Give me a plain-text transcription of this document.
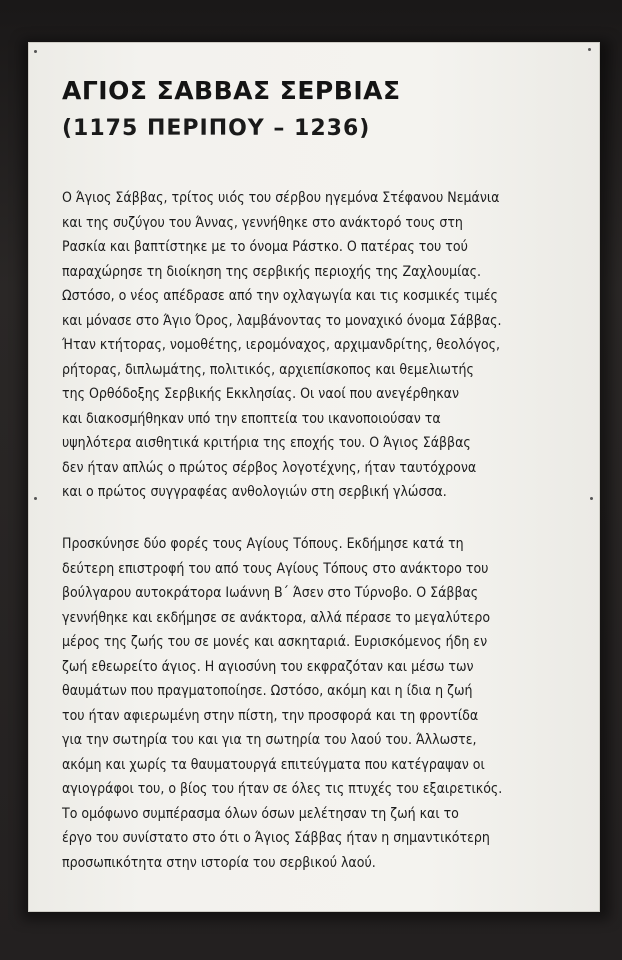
ΑΓΙΟΣ ΣΑΒΒΑΣ ΣΕΡΒΙΑΣ
(1175 ΠΕΡΙΠΟΥ – 1236)

Ο Άγιος Σάββας, τρίτος υιός του σέρβου ηγεμόνα Στέφανου Νεμάνια
και της συζύγου του Άννας, γεννήθηκε στο ανάκτορό τους στη
Ρασκία και βαπτίστηκε με το όνομα Ράστκο. Ο πατέρας του τού
παραχώρησε τη διοίκηση της σερβικής περιοχής της Ζαχλουμίας.
Ωστόσο, ο νέος απέδρασε από την οχλαγωγία και τις κοσμικές τιμές
και μόνασε στο Άγιο Όρος, λαμβάνοντας το μοναχικό όνομα Σάββας.
Ήταν κτήτορας, νομοθέτης, ιερομόναχος, αρχιμανδρίτης, θεολόγος,
ρήτορας, διπλωμάτης, πολιτικός, αρχιεπίσκοπος και θεμελιωτής
της Ορθόδοξης Σερβικής Εκκλησίας. Οι ναοί που ανεγέρθηκαν
και διακοσμήθηκαν υπό την εποπτεία του ικανοποιούσαν τα
υψηλότερα αισθητικά κριτήρια της εποχής του. Ο Άγιος Σάββας
δεν ήταν απλώς ο πρώτος σέρβος λογοτέχνης, ήταν ταυτόχρονα
και ο πρώτος συγγραφέας ανθολογιών στη σερβική γλώσσα.

Προσκύνησε δύο φορές τους Αγίους Τόπους. Εκδήμησε κατά τη
δεύτερη επιστροφή του από τους Αγίους Τόπους στο ανάκτορο του
βούλγαρου αυτοκράτορα Ιωάννη Β΄ Άσεν στο Τύρνοβο. Ο Σάββας
γεννήθηκε και εκδήμησε σε ανάκτορα, αλλά πέρασε το μεγαλύτερο
μέρος της ζωής του σε μονές και ασκηταριά. Ευρισκόμενος ήδη εν
ζωή εθεωρείτο άγιος. Η αγιοσύνη του εκφραζόταν και μέσω των
θαυμάτων που πραγματοποίησε. Ωστόσο, ακόμη και η ίδια η ζωή
του ήταν αφιερωμένη στην πίστη, την προσφορά και τη φροντίδα
για την σωτηρία του και για τη σωτηρία του λαού του. Άλλωστε,
ακόμη και χωρίς τα θαυματουργά επιτεύγματα που κατέγραψαν οι
αγιογράφοι του, ο βίος του ήταν σε όλες τις πτυχές του εξαιρετικός.
Το ομόφωνο συμπέρασμα όλων όσων μελέτησαν τη ζωή και το
έργο του συνίστατο στο ότι ο Άγιος Σάββας ήταν η σημαντικότερη
προσωπικότητα στην ιστορία του σερβικού λαού.
